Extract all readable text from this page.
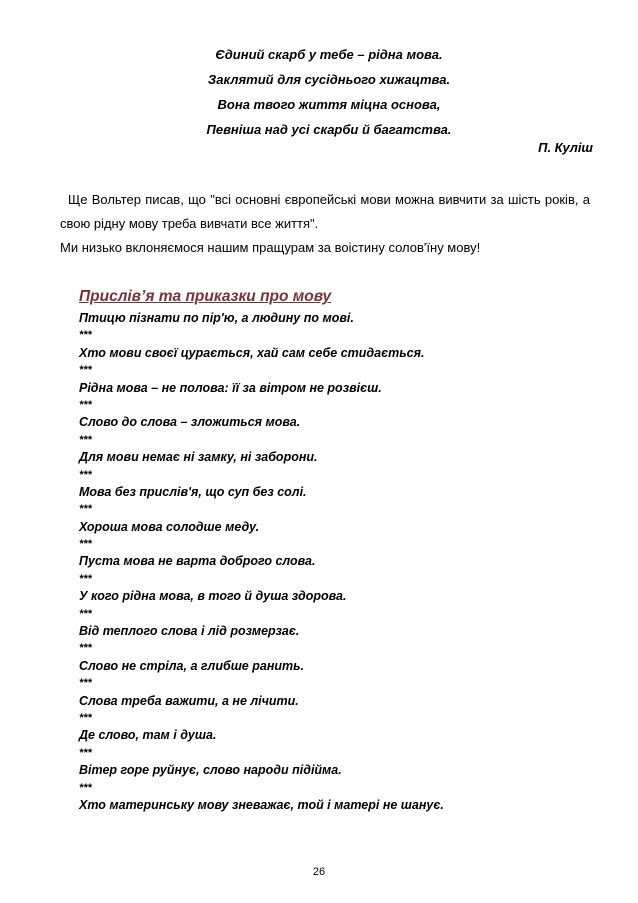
Єдиний скарб у тебе – рідна мова.
Заклятий для сусіднього хижацтва.
Вона твого життя міцна основа,
Певніша над усі скарби й багатства.
П. Куліш
Ще Вольтер писав, що "всі основні європейські мови можна вивчити за шість років, а свою рідну мову треба вивчати все життя".
Ми низько вклоняємося нашим пращурам за воістину солов'їну мову!
Прислів’я та приказки про мову
Птицю пізнати по пір'ю, а людину по мові.
***
Хто мови своєї цурається, хай сам себе стидається.
***
Рідна мова – не полова: її за вітром не розвієш.
***
Слово до слова – зложиться мова.
***
Для мови немає ні замку, ні заборони.
***
Мова без прислів'я, що суп без солі.
***
Хороша мова солодше меду.
***
Пуста мова не варта доброго слова.
***
У кого рідна мова, в того й душа здорова.
***
Від теплого слова і лід розмерзає.
***
Слово не стріла, а глибше ранить.
***
Слова треба важити, а не лічити.
***
Де слово, там і душа.
***
Вітер горе руйнує, слово народи підійма.
***
Хто материнську мову зневажає, той і матері не шанує.
26
